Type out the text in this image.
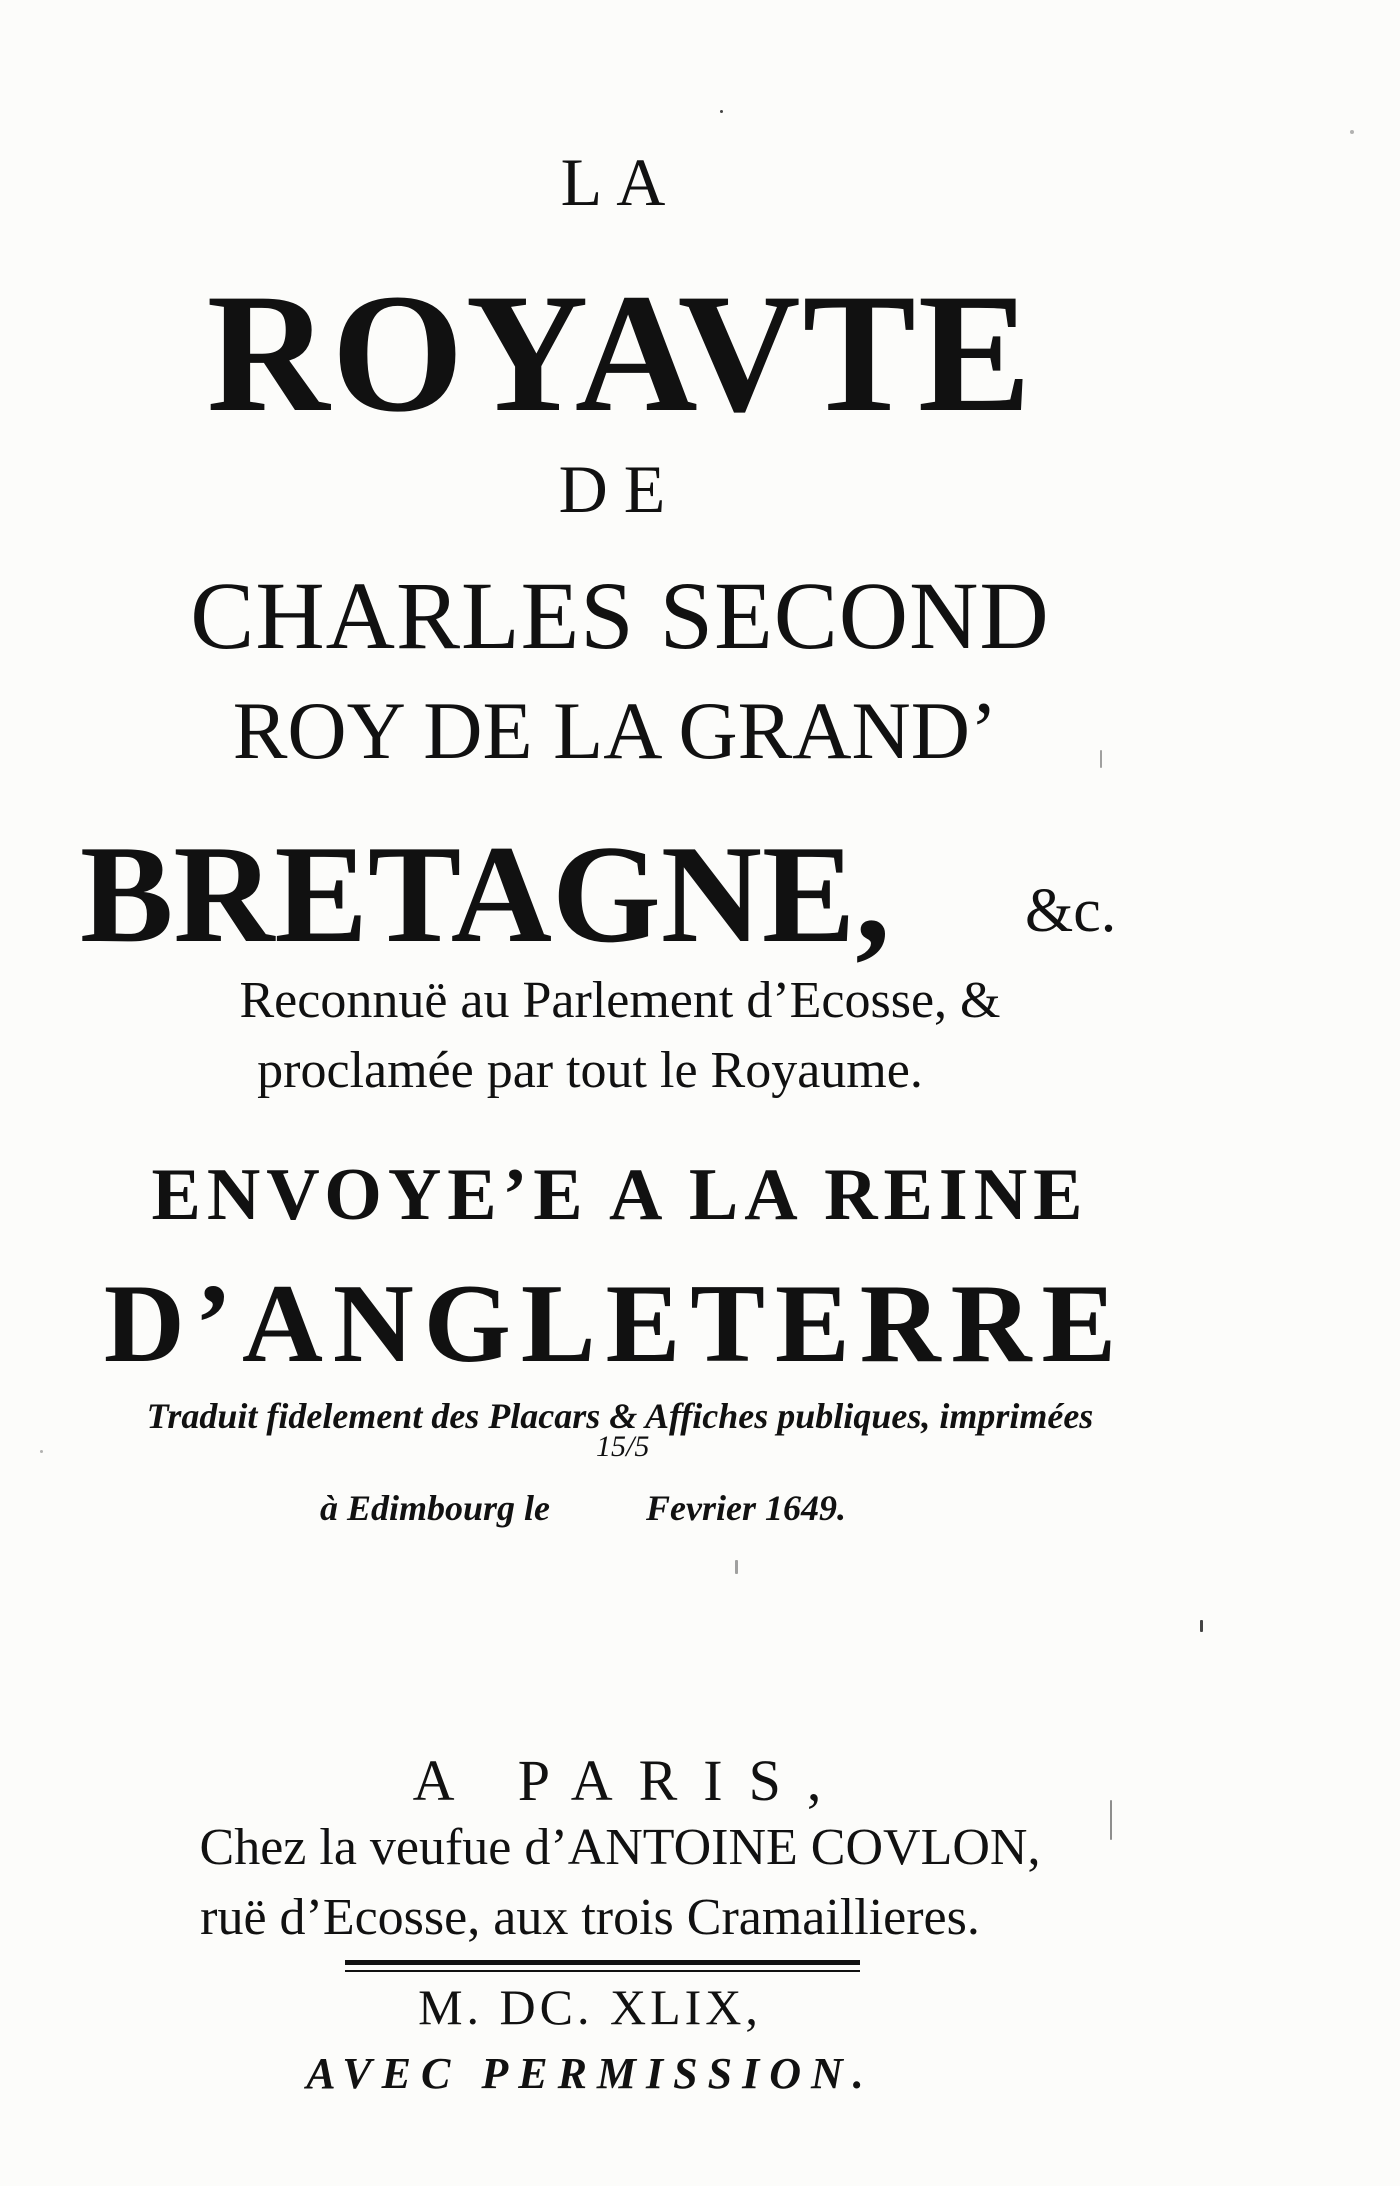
LA
ROYAVTE
DE
CHARLES SECOND
ROY DE LA GRAND’
BRETAGNE, &c.
Reconnuë au Parlement d’Ecosse, &
proclamée par tout le Royaume.
ENVOYE’E A LA REINE
D’ANGLETERRE
Traduit fidelement des Placars & Affiches publiques, imprimées
15/5
à Edimbourg le	Fevrier 1649.
A PARIS,
Chez la veufue d’ANTOINE COVLON,
ruë d’Ecosse, aux trois Cramaillieres.
M. DC. XLIX,
AVEC PERMISSION.
